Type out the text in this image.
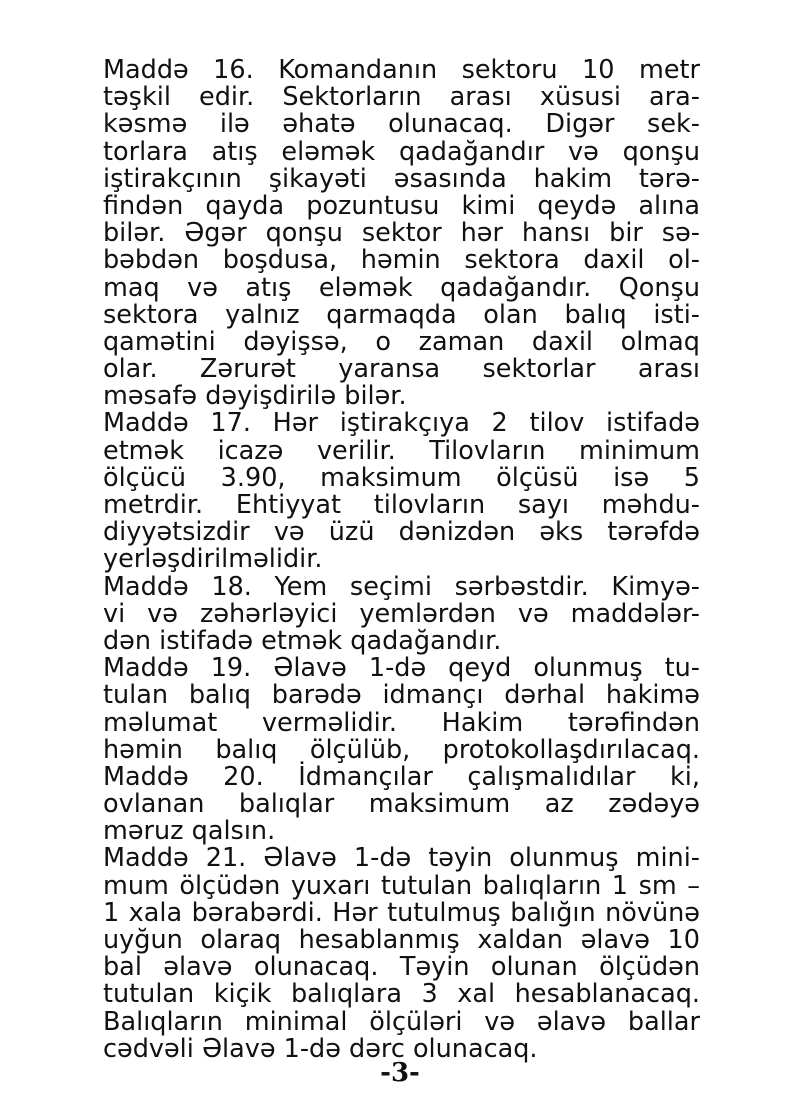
Maddə 16. Komandanın sektoru 10 metr
təşkil edir. Sektorların arası xüsusi ara-
kəsmə ilə əhatə olunacaq. Digər sek-
torlara atış eləmək qadağandır və qonşu
iştirakçının şikayəti əsasında hakim tərə-
findən qayda pozuntusu kimi qeydə alına
bilər. Əgər qonşu sektor hər hansı bir sə-
bəbdən boşdusa, həmin sektora daxil ol-
maq və atış eləmək qadağandır. Qonşu
sektora yalnız qarmaqda olan balıq isti-
qamətini dəyişsə, o zaman daxil olmaq
olar. Zərurət yaransa sektorlar arası
məsafə dəyişdirilə bilər.
Maddə 17. Hər iştirakçıya 2 tilov istifadə
etmək icazə verilir. Tilovların minimum
ölçücü 3.90, maksimum ölçüsü isə 5
metrdir. Ehtiyyat tilovların sayı məhdu-
diyyətsizdir və üzü dənizdən əks tərəfdə
yerləşdirilməlidir.
Maddə 18. Yem seçimi sərbəstdir. Kimyə-
vi və zəhərləyici yemlərdən və maddələr-
dən istifadə etmək qadağandır.
Maddə 19. Əlavə 1-də qeyd olunmuş tu-
tulan balıq barədə idmançı dərhal hakimə
məlumat verməlidir. Hakim tərəfindən
həmin balıq ölçülüb, protokollaşdırılacaq.
Maddə 20. İdmançılar çalışmalıdılar ki,
ovlanan balıqlar maksimum az zədəyə
məruz qalsın.
Maddə 21. Əlavə 1-də təyin olunmuş mini-
mum ölçüdən yuxarı tutulan balıqların 1 sm –
1 xala bərabərdi. Hər tutulmuş balığın növünə
uyğun olaraq hesablanmış xaldan əlavə 10
bal əlavə olunacaq. Təyin olunan ölçüdən
tutulan kiçik balıqlara 3 xal hesablanacaq.
Balıqların minimal ölçüləri və əlavə ballar
cədvəli Əlavə 1-də dərc olunacaq.
-3-
